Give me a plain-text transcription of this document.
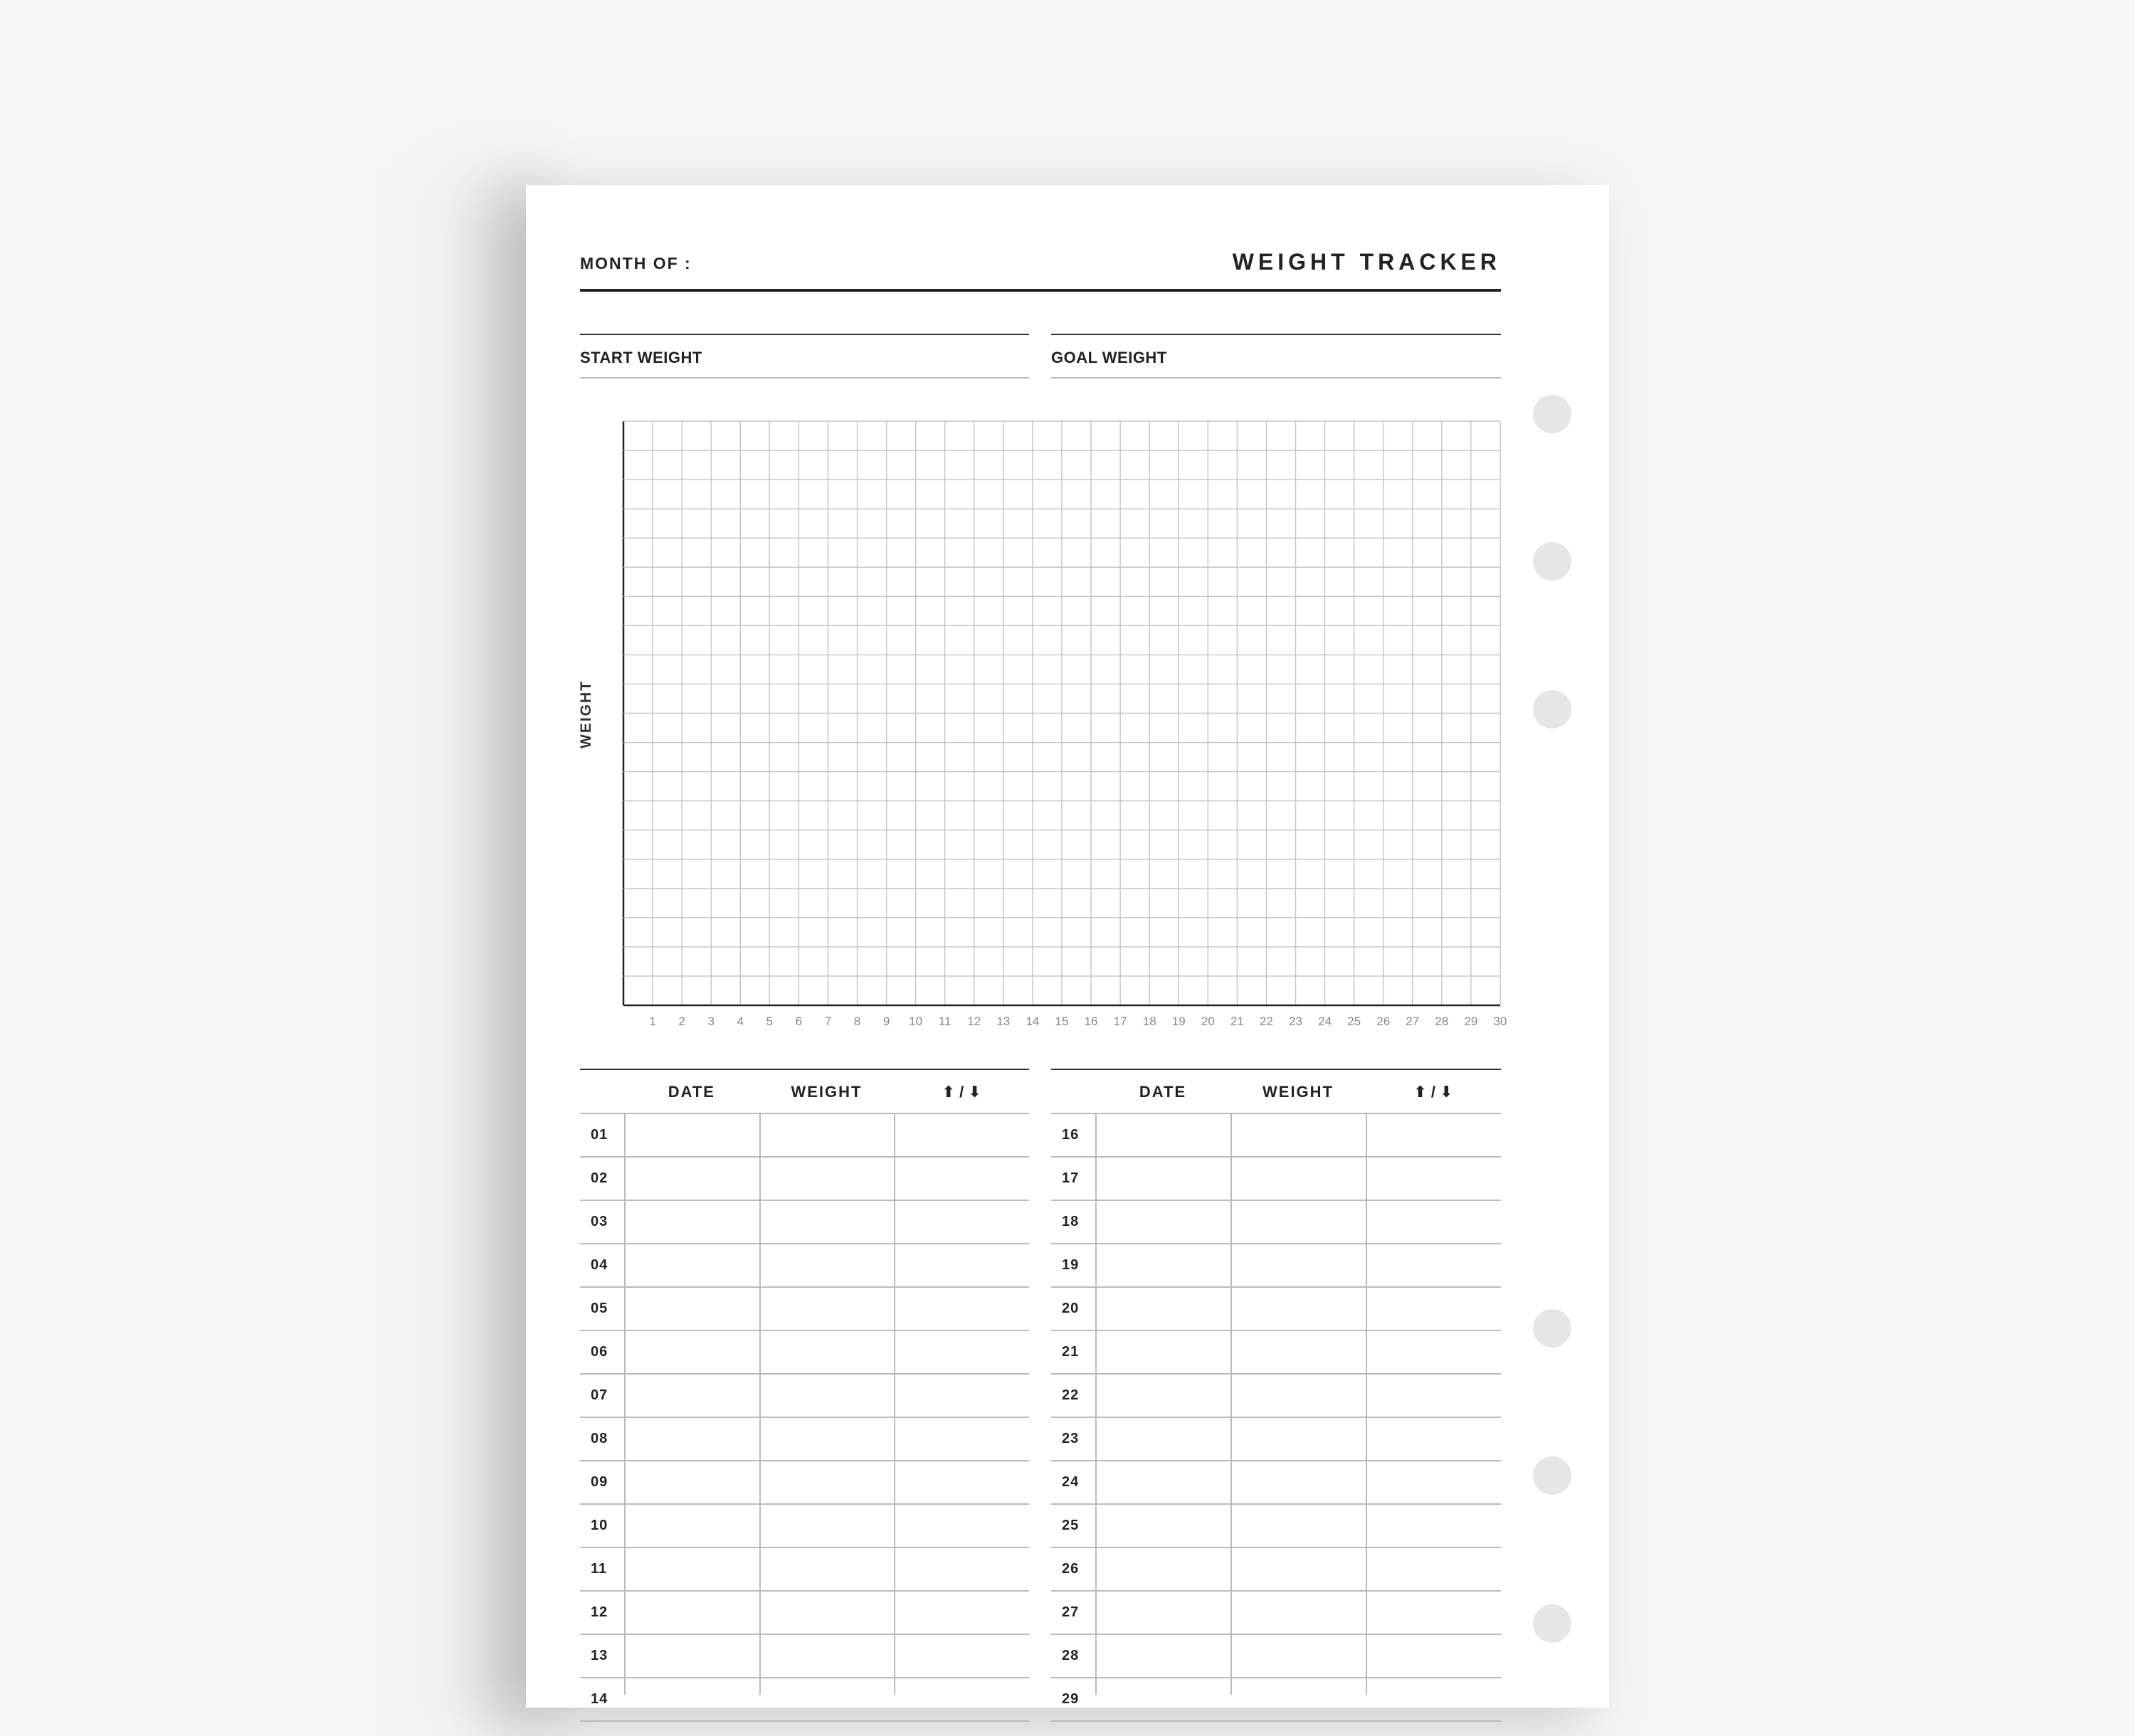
MONTH OF :	WEIGHT TRACKER
START WEIGHT	GOAL WEIGHT
WEIGHT
1 2 3 4 5 6 7 8 9 10 11 12 13 14 15 16 17 18 19 20 21 22 23 24 25 26 27 28 29 30
DATE	WEIGHT	⬆ / ⬇
01
02
03
04
05
06
07
08
09
10
11
12
13
14
DATE	WEIGHT	⬆ / ⬇
16
17
18
19
20
21
22
23
24
25
26
27
28
29
